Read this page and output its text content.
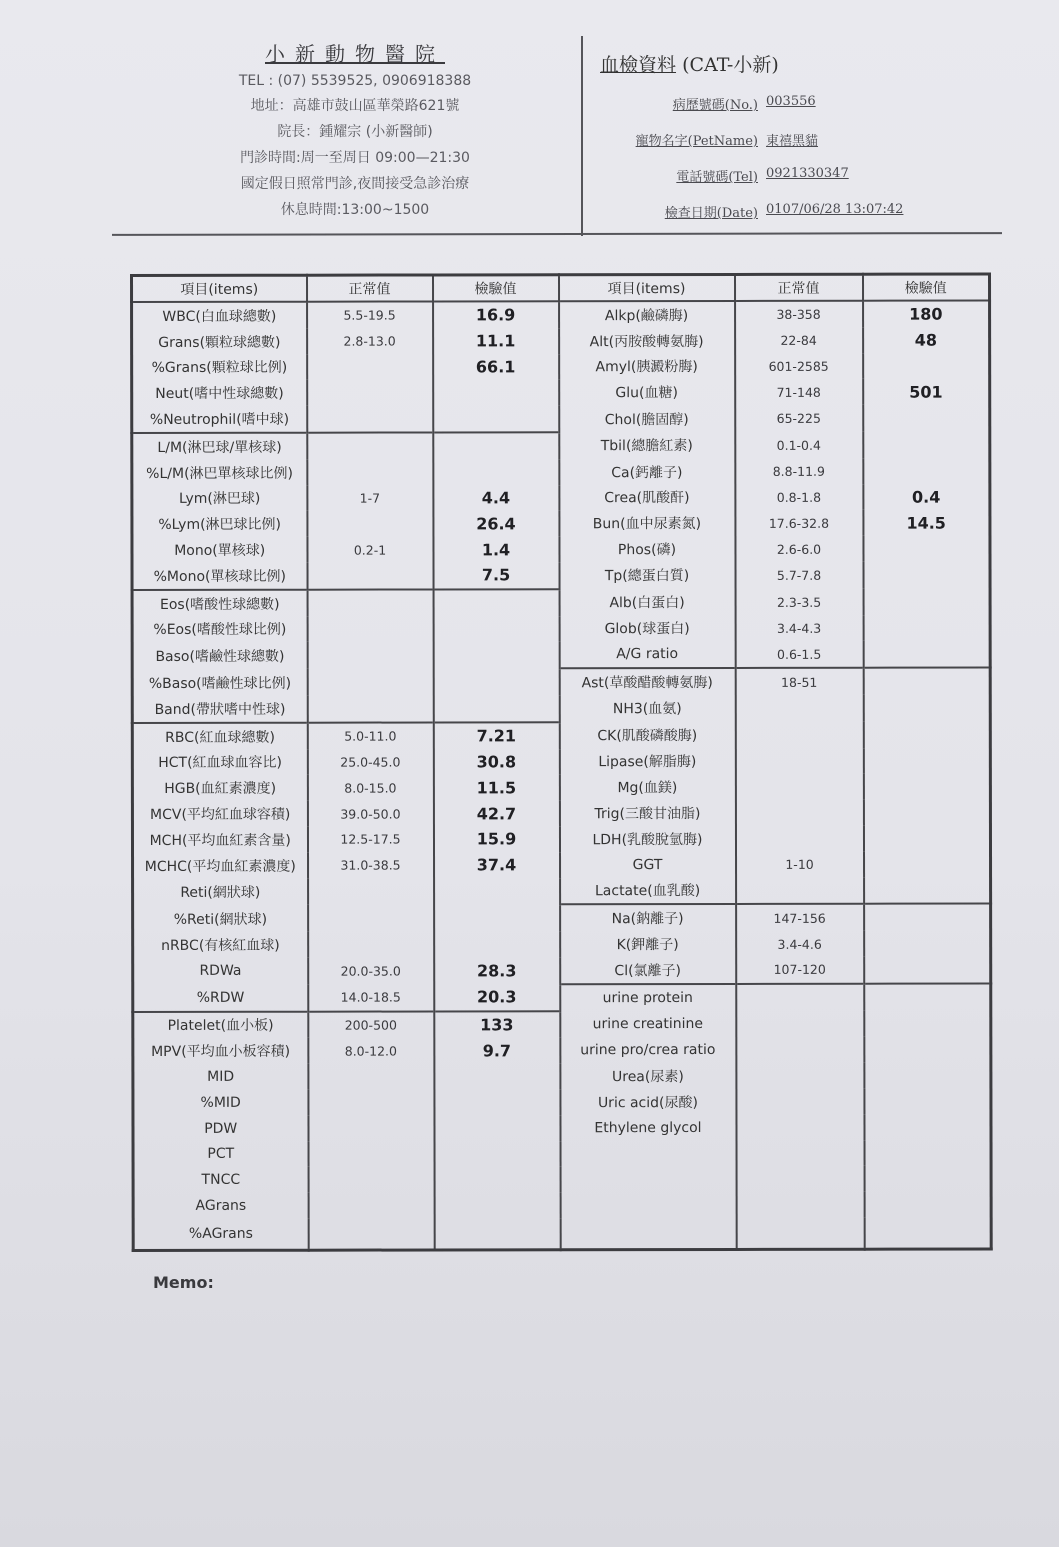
小新動物醫院
TEL : (07) 5539525, 0906918388
地址：高雄市鼓山區華榮路621號
院長：鍾耀宗 (小新醫師)
門診時間:周一至周日 09:00—21:30
國定假日照常門診,夜間接受急診治療
休息時間:13:00~1500
血檢資料 (CAT-小新)
病歷號碼(No.) 003556
寵物名字(PetName) 東禧黑貓
電話號碼(Tel) 0921330347
檢查日期(Date) 0107/06/28 13:07:42
項目(items)	正常值	檢驗值	項目(items)	正常值	檢驗值
WBC(白血球總數)	5.5-19.5	16.9	Alkp(鹼磷脢)	38-358	180
Grans(顆粒球總數)	2.8-13.0	11.1	Alt(丙胺酸轉氨脢)	22-84	48
%Grans(顆粒球比例)		66.1	Amyl(胰澱粉脢)	601-2585	
Neut(嗜中性球總數)			Glu(血糖)	71-148	501
%Neutrophil(嗜中球)			Chol(膽固醇)	65-225	
L/M(淋巴球/單核球)			Tbil(總膽紅素)	0.1-0.4	
%L/M(淋巴單核球比例)			Ca(鈣離子)	8.8-11.9	
Lym(淋巴球)	1-7	4.4	Crea(肌酸酐)	0.8-1.8	0.4
%Lym(淋巴球比例)		26.4	Bun(血中尿素氮)	17.6-32.8	14.5
Mono(單核球)	0.2-1	1.4	Phos(磷)	2.6-6.0	
%Mono(單核球比例)		7.5	Tp(總蛋白質)	5.7-7.8	
Eos(嗜酸性球總數)			Alb(白蛋白)	2.3-3.5	
%Eos(嗜酸性球比例)			Glob(球蛋白)	3.4-4.3	
Baso(嗜鹼性球總數)			A/G ratio	0.6-1.5	
%Baso(嗜鹼性球比例)			Ast(草酸醋酸轉氨脢)	18-51	
Band(帶狀嗜中性球)			NH3(血氨)		
RBC(紅血球總數)	5.0-11.0	7.21	CK(肌酸磷酸脢)		
HCT(紅血球血容比)	25.0-45.0	30.8	Lipase(解脂脢)		
HGB(血紅素濃度)	8.0-15.0	11.5	Mg(血鎂)		
MCV(平均紅血球容積)	39.0-50.0	42.7	Trig(三酸甘油脂)		
MCH(平均血紅素含量)	12.5-17.5	15.9	LDH(乳酸脫氫脢)		
MCHC(平均血紅素濃度)	31.0-38.5	37.4	GGT	1-10	
Reti(網狀球)			Lactate(血乳酸)		
%Reti(網狀球)			Na(鈉離子)	147-156	
nRBC(有核紅血球)			K(鉀離子)	3.4-4.6	
RDWa	20.0-35.0	28.3	Cl(氯離子)	107-120	
%RDW	14.0-18.5	20.3	urine protein		
Platelet(血小板)	200-500	133	urine creatinine		
MPV(平均血小板容積)	8.0-12.0	9.7	urine pro/crea ratio		
MID			Urea(尿素)		
%MID			Uric acid(尿酸)		
PDW			Ethylene glycol		
PCT					
TNCC					
AGrans					
%AGrans					
Memo:
